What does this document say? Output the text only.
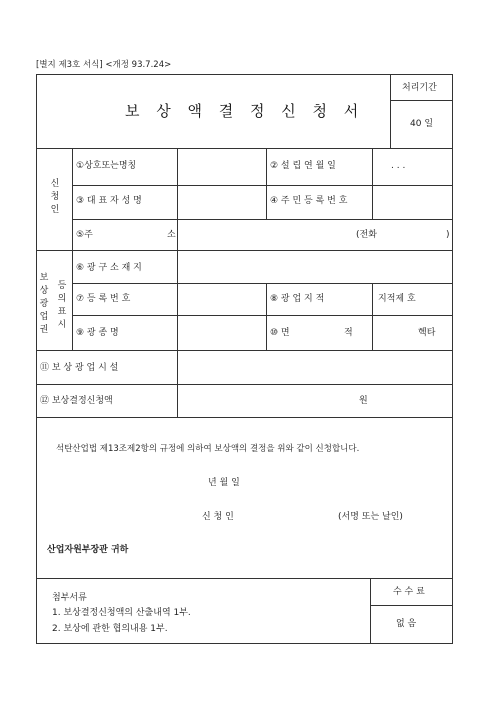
[별지 제3호 서식] <개정 93.7.24>
보 상 액 결 정 신 청 서
처리기간
40 일
신청인
①상호또는명칭	② 설 립 연 월 일	. . .
③ 대 표 자 성 명	④ 주 민 등 록 번 호
⑤주	소	(전화	)
보상광업권
등의 표시
⑥ 광 구 소 재 지
⑦ 등 록 번 호	⑧ 광 업 지 적	지적제 호
⑨ 광 종 명	⑩ 면	적	헥타
⑪ 보 상 광 업 시 설
⑫ 보상결정신청액	원
석탄산업법 제13조제2항의 규정에 의하여 보상액의 결정을 위와 같이 신청합니다.
년 월 일
신 청 인	(서명 또는 날인)
산업자원부장관 귀하
첨부서류
1. 보상결정신청액의 산출내역 1부.
2. 보상에 관한 협의내용 1부.
수 수 료
없 음
